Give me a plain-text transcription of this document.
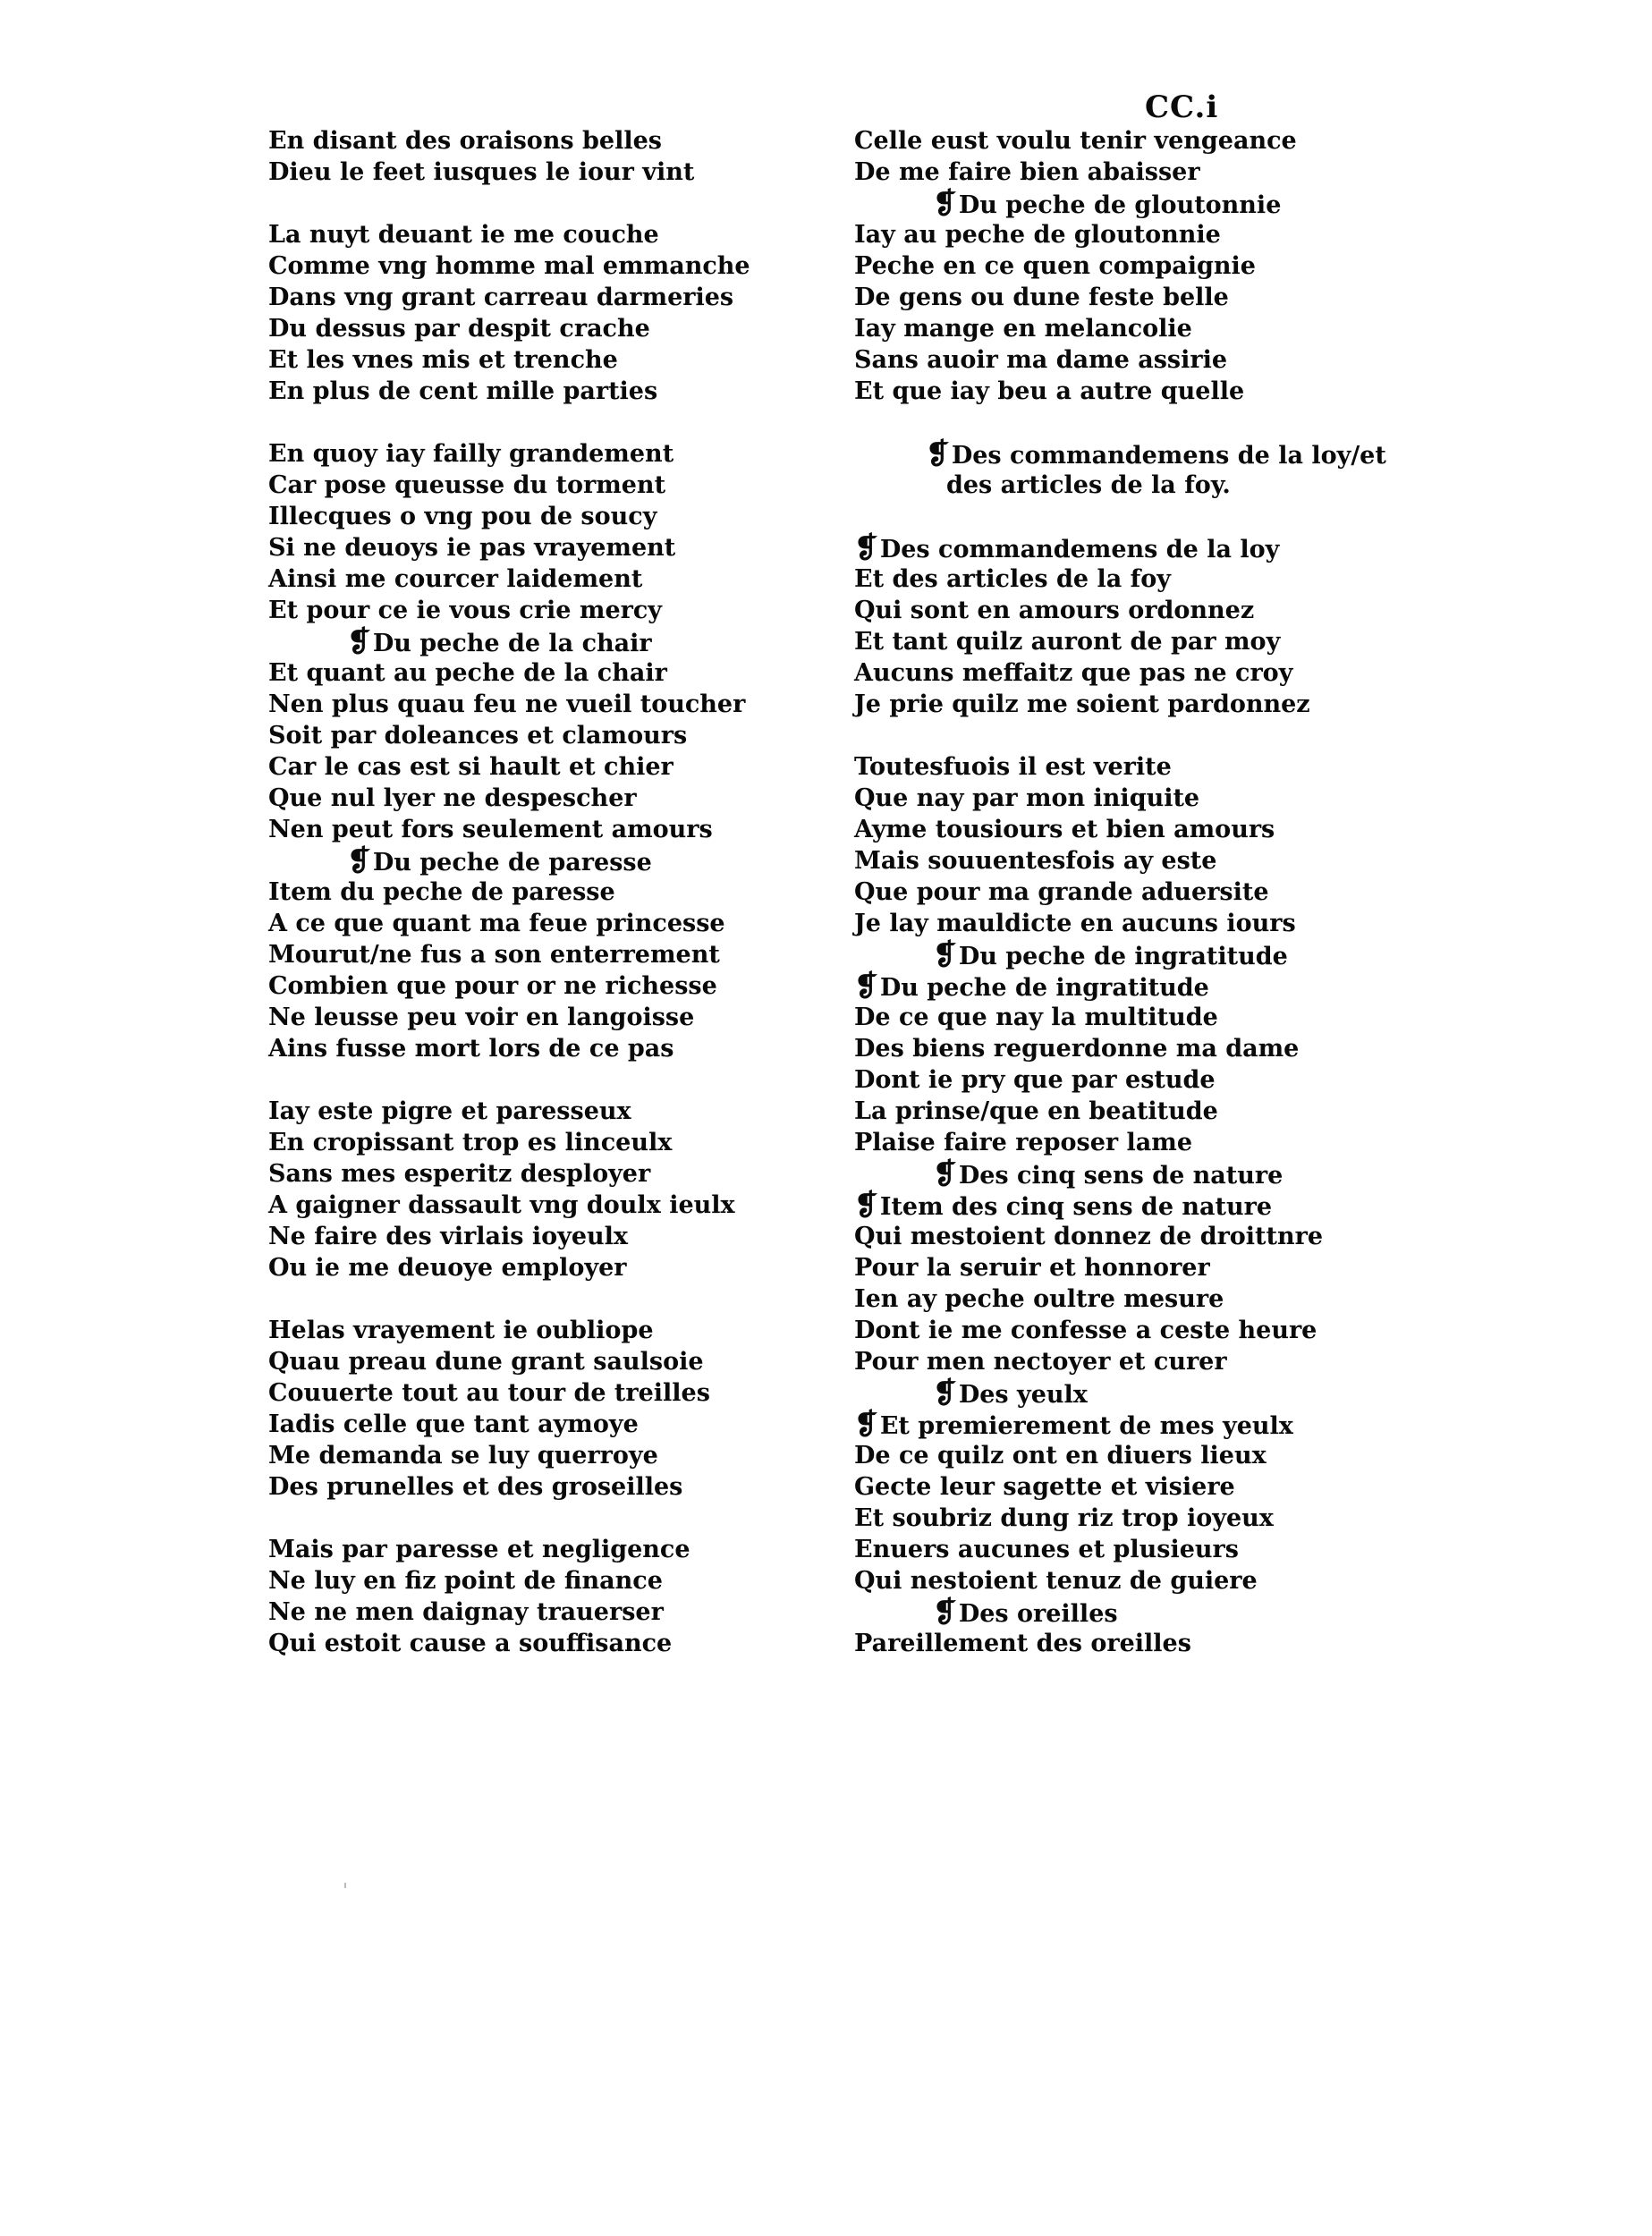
CC.i
En disant des oraisons belles
Dieu le feet iusques le iour vint
La nuyt deuant ie me couche
Comme vng homme mal emmanche
Dans vng grant carreau darmeries
Du dessus par despit crache
Et les vnes mis et trenche
En plus de cent mille parties
En quoy iay failly grandement
Car pose queusse du torment
Illecques o vng pou de soucy
Si ne deuoys ie pas vrayement
Ainsi me courcer laidement
Et pour ce ie vous crie mercy
❡Du peche de la chair
Et quant au peche de la chair
Nen plus quau feu ne vueil toucher
Soit par doleances et clamours
Car le cas est si hault et chier
Que nul lyer ne despescher
Nen peut fors seulement amours
❡Du peche de paresse
Item du peche de paresse
A ce que quant ma feue princesse
Mourut/ne fus a son enterrement
Combien que pour or ne richesse
Ne leusse peu voir en langoisse
Ains fusse mort lors de ce pas
Iay este pigre et paresseux
En cropissant trop es linceulx
Sans mes esperitz desployer
A gaigner dassault vng doulx ieulx
Ne faire des virlais ioyeulx
Ou ie me deuoye employer
Helas vrayement ie oubliope
Quau preau dune grant saulsoie
Couuerte tout au tour de treilles
Iadis celle que tant aymoye
Me demanda se luy querroye
Des prunelles et des groseilles
Mais par paresse et negligence
Ne luy en fiz point de finance
Ne ne men daignay trauerser
Qui estoit cause a souffisance
Celle eust voulu tenir vengeance
De me faire bien abaisser
❡Du peche de gloutonnie
Iay au peche de gloutonnie
Peche en ce quen compaignie
De gens ou dune feste belle
Iay mange en melancolie
Sans auoir ma dame assirie
Et que iay beu a autre quelle
❡Des commandemens de la loy/et
des articles de la foy.
❡Des commandemens de la loy
Et des articles de la foy
Qui sont en amours ordonnez
Et tant quilz auront de par moy
Aucuns meffaitz que pas ne croy
Je prie quilz me soient pardonnez
Toutesfuois il est verite
Que nay par mon iniquite
Ayme tousiours et bien amours
Mais souuentesfois ay este
Que pour ma grande aduersite
Je lay mauldicte en aucuns iours
❡Du peche de ingratitude
❡Du peche de ingratitude
De ce que nay la multitude
Des biens reguerdonne ma dame
Dont ie pry que par estude
La prinse/que en beatitude
Plaise faire reposer lame
❡Des cinq sens de nature
❡Item des cinq sens de nature
Qui mestoient donnez de droittnre
Pour la seruir et honnorer
Ien ay peche oultre mesure
Dont ie me confesse a ceste heure
Pour men nectoyer et curer
❡Des yeulx
❡Et premierement de mes yeulx
De ce quilz ont en diuers lieux
Gecte leur sagette et visiere
Et soubriz dung riz trop ioyeux
Enuers aucunes et plusieurs
Qui nestoient tenuz de guiere
❡Des oreilles
Pareillement des oreilles
